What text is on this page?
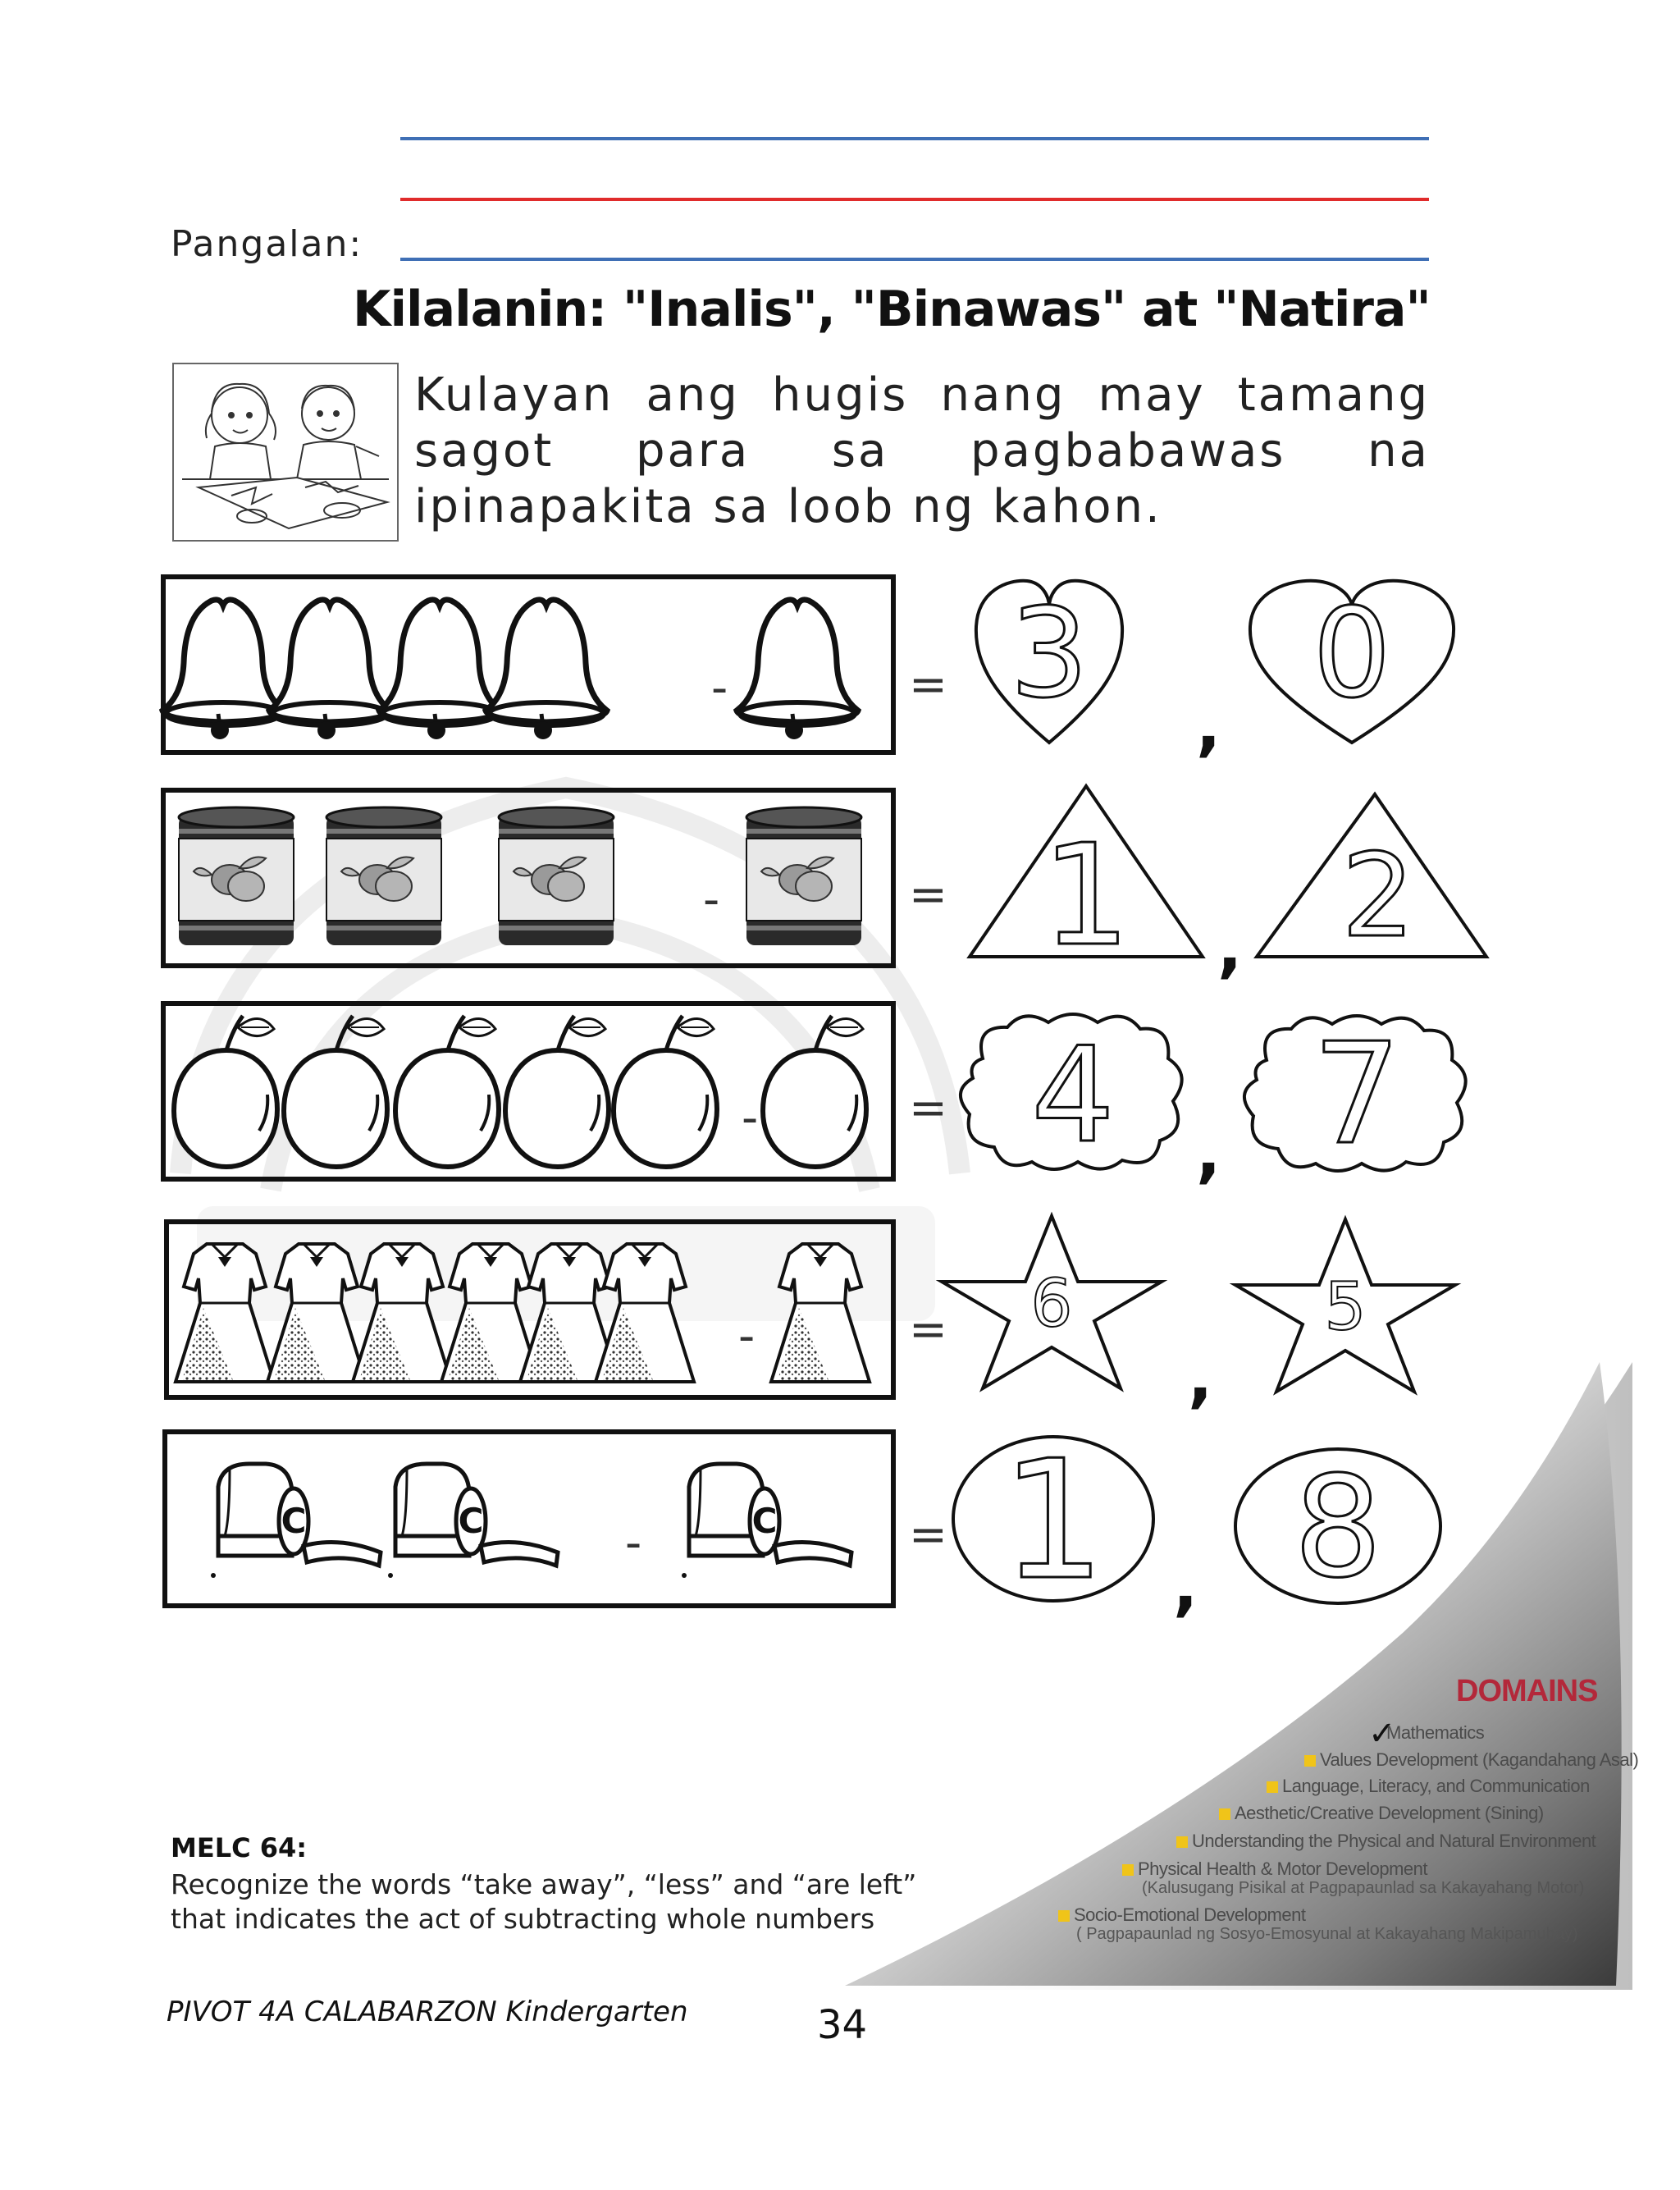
Pangalan:
Kilalanin: "Inalis", "Binawas" at "Natira"
Kulayan ang hugis nang may tamang sagot para sa pagbabawas na ipinapakita sa loob ng kahon.
-	= 3
,
0
-	= 1 , 2
-	= 4 , 7
-	= 6
,
5
C
-	= 1 , 8
DOMAINS
✓
Mathematics
Values Development (Kagandahang Asal)
Language, Literacy, and Communication
Aesthetic/Creative Development (Sining)
Understanding the Physical and Natural Environment
Physical Health & Motor Development
(Kalusugang Pisikal at Pagpapaunlad sa Kakayahang Motor)
Socio-Emotional Development
( Pagpapaunlad ng Sosyo-Emosyunal at Kakayahang Makipamuhay)
MELC 64:
Recognize the words “take away”, “less” and “are left”
that indicates the act of subtracting whole numbers
PIVOT 4A CALABARZON Kindergarten	34
